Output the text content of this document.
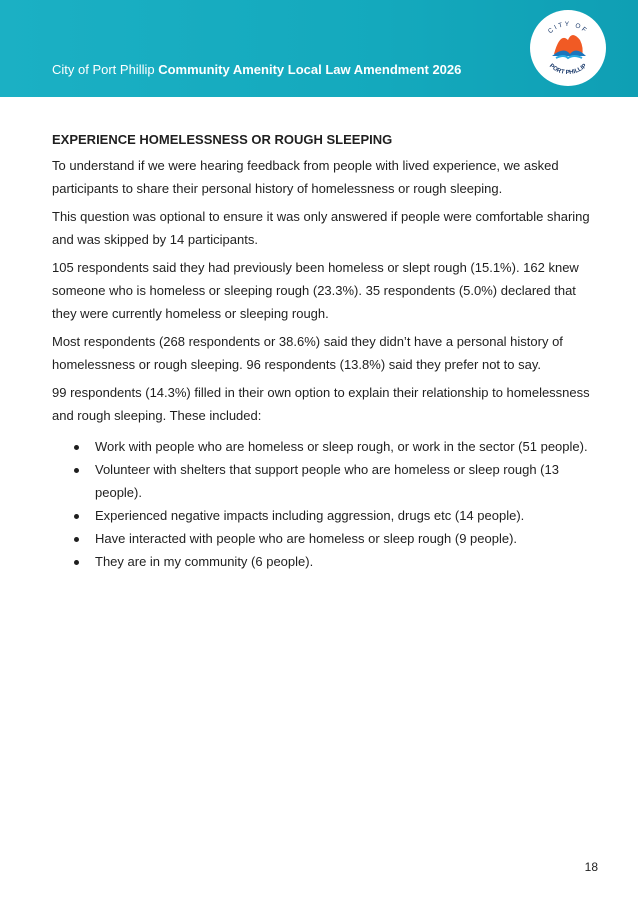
City of Port Phillip Community Amenity Local Law Amendment 2026
CITY OF
PORT PHILLIP
EXPERIENCE HOMELESSNESS OR ROUGH SLEEPING

To understand if we were hearing feedback from people with lived experience, we asked participants to share their personal history of homelessness or rough sleeping.

This question was optional to ensure it was only answered if people were comfortable sharing and was skipped by 14 participants.

105 respondents said they had previously been homeless or slept rough (15.1%). 162 knew someone who is homeless or sleeping rough (23.3%). 35 respondents (5.0%) declared that they were currently homeless or sleeping rough.

Most respondents (268 respondents or 38.6%) said they didn’t have a personal history of homelessness or rough sleeping. 96 respondents (13.8%) said they prefer not to say.

99 respondents (14.3%) filled in their own option to explain their relationship to homelessness and rough sleeping. These included:

Work with people who are homeless or sleep rough, or work in the sector (51 people).
Volunteer with shelters that support people who are homeless or sleep rough (13 people).
Experienced negative impacts including aggression, drugs etc (14 people).
Have interacted with people who are homeless or sleep rough (9 people).
They are in my community (6 people).
18
